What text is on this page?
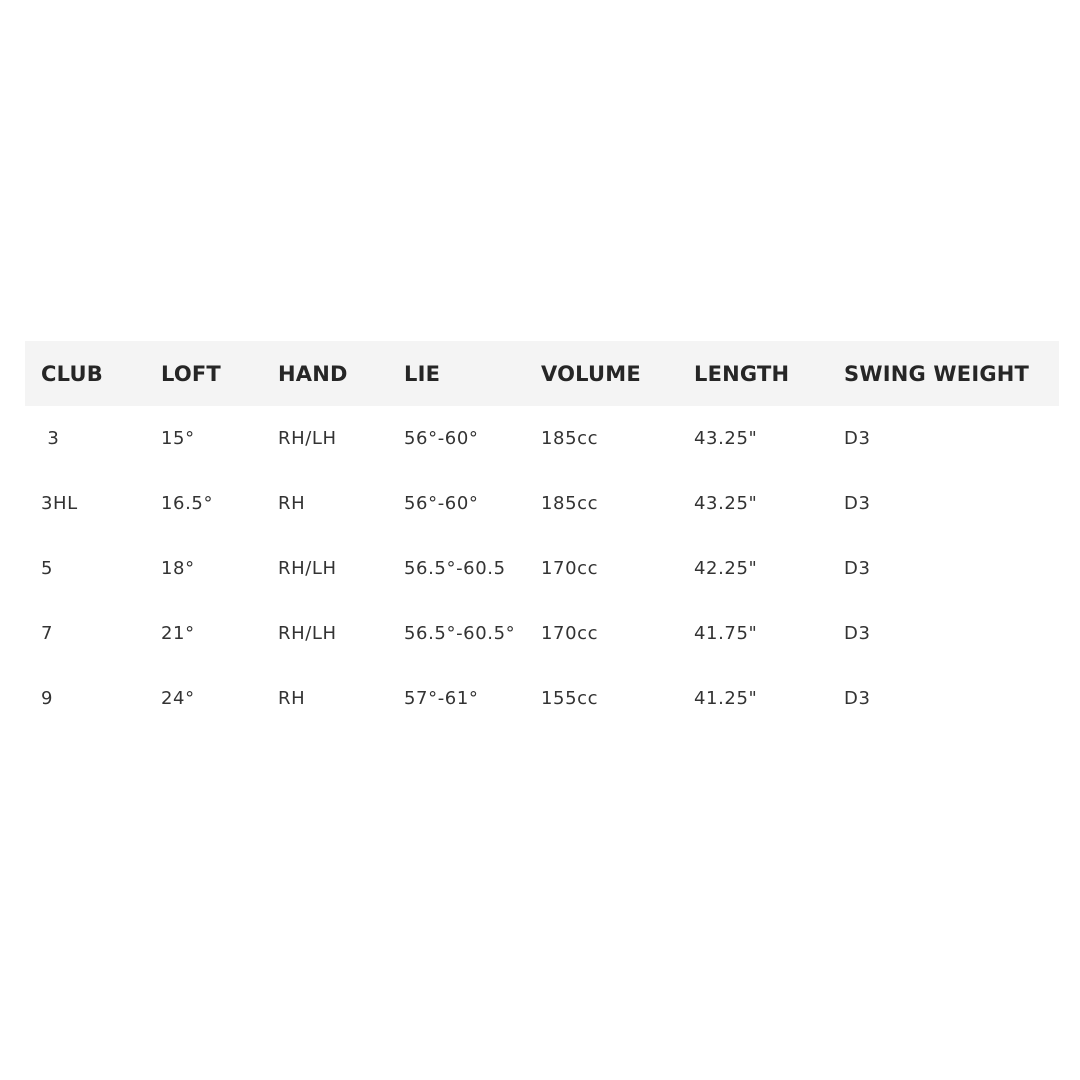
CLUB	LOFT	HAND	LIE	VOLUME	LENGTH	SWING WEIGHT
3	15°	RH/LH	56°-60°	185cc	43.25"	D3
3HL	16.5°	RH	56°-60°	185cc	43.25"	D3
5	18°	RH/LH	56.5°-60.5	170cc	42.25"	D3
7	21°	RH/LH	56.5°-60.5°	170cc	41.75"	D3
9	24°	RH	57°-61°	155cc	41.25"	D3
